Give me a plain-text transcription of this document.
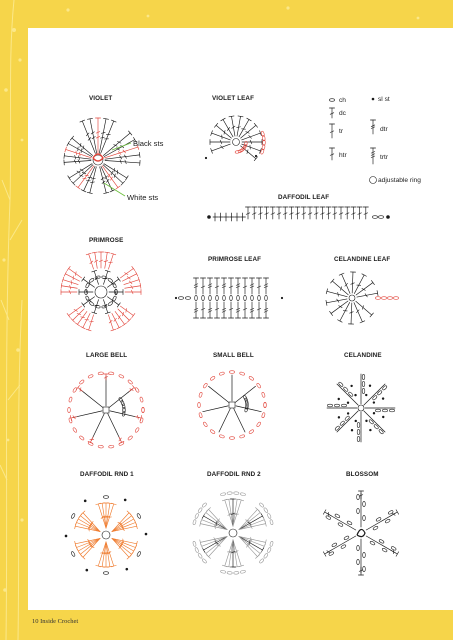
VIOLET	VIOLET LEAF
DAFFODIL LEAF
PRIMROSE
PRIMROSE LEAF	CELANDINE LEAF
LARGE BELL	SMALL BELL	CELANDINE
DAFFODIL RND 1	DAFFODIL RND 2	BLOSSOM
Black sts
White sts
ch	sl st
dc
tr	dtr
htr	trtr
adjustable ring
10 Inside Crochet
